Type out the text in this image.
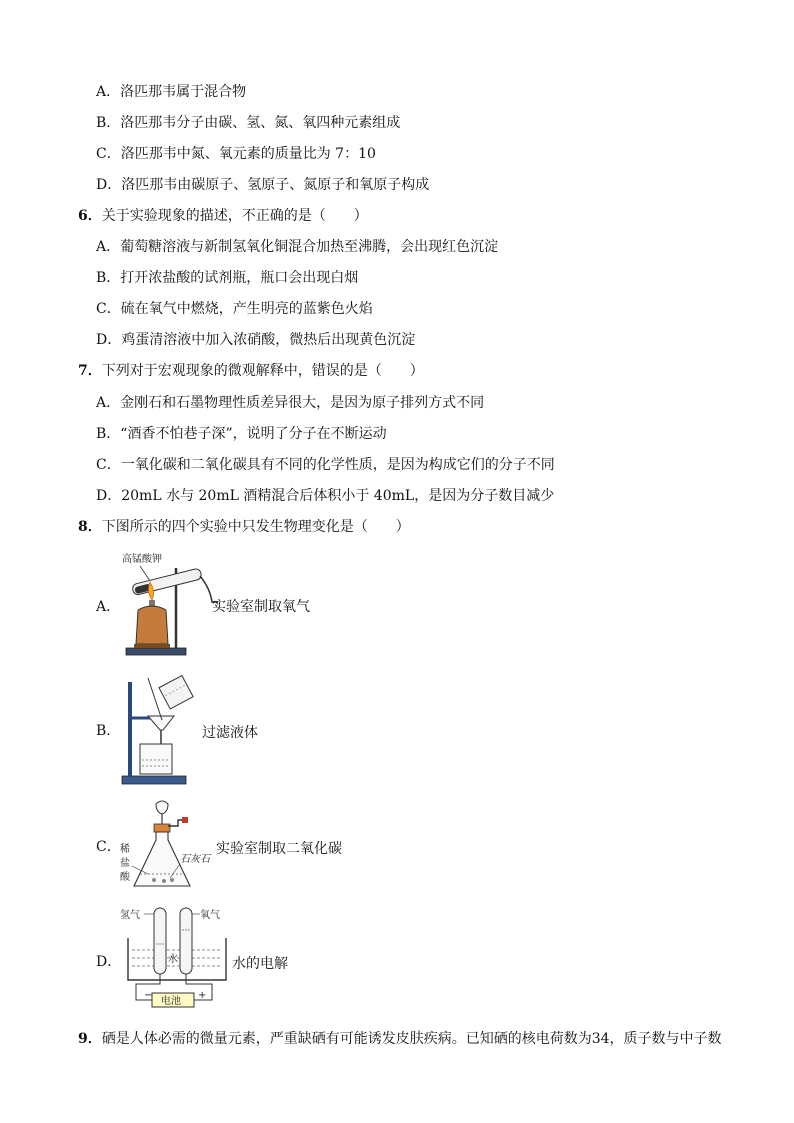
A．洛匹那韦属于混合物
B．洛匹那韦分子由碳、氢、氮、氧四种元素组成
C．洛匹那韦中氮、氧元素的质量比为 7：10
D．洛匹那韦由碳原子、氢原子、氮原子和氧原子构成
6．关于实验现象的描述，不正确的是（　　）
A．葡萄糖溶液与新制氢氧化铜混合加热至沸腾，会出现红色沉淀
B．打开浓盐酸的试剂瓶，瓶口会出现白烟
C．硫在氧气中燃烧，产生明亮的蓝紫色火焰
D．鸡蛋清溶液中加入浓硝酸，微热后出现黄色沉淀
7．下列对于宏观现象的微观解释中，错误的是（　　）
A．金刚石和石墨物理性质差异很大，是因为原子排列方式不同
B．“酒香不怕巷子深”，说明了分子在不断运动
C．一氧化碳和二氧化碳具有不同的化学性质，是因为构成它们的分子不同
D．20mL 水与 20mL 酒精混合后体积小于 40mL，是因为分子数目减少
8．下图所示的四个实验中只发生物理变化是（　　）
A．
高锰酸钾
实验室制取氧气
B．	过滤液体
C． 稀
盐
酸
石灰石
实验室制取二氧化碳
D．
氢气	氧气
水
电池
−	+
水的电解
9．硒是人体必需的微量元素，严重缺硒有可能诱发皮肤疾病。已知硒的核电荷数为34，质子数与中子数
